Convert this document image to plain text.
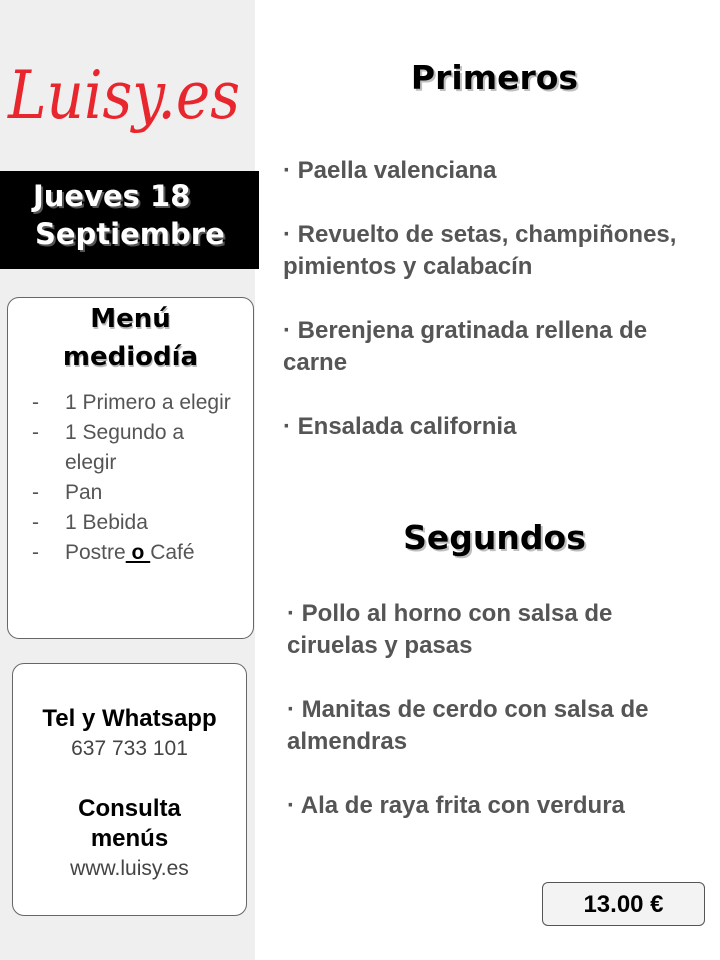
Luisy.es
Jueves 18
Septiembre
Menú
mediodía
- 1 Primero a elegir
- 1 Segundo a elegir
- Pan
- 1 Bebida
- Postre o Café
Tel y Whatsapp
637 733 101
Consulta
menús
www.luisy.es
Primeros
· Paella valenciana
· Revuelto de setas, champiñones, pimientos y calabacín
· Berenjena gratinada rellena de carne
· Ensalada california
Segundos
· Pollo al horno con salsa de ciruelas y pasas
· Manitas de cerdo con salsa de almendras
· Ala de raya frita con verdura
13.00 €
